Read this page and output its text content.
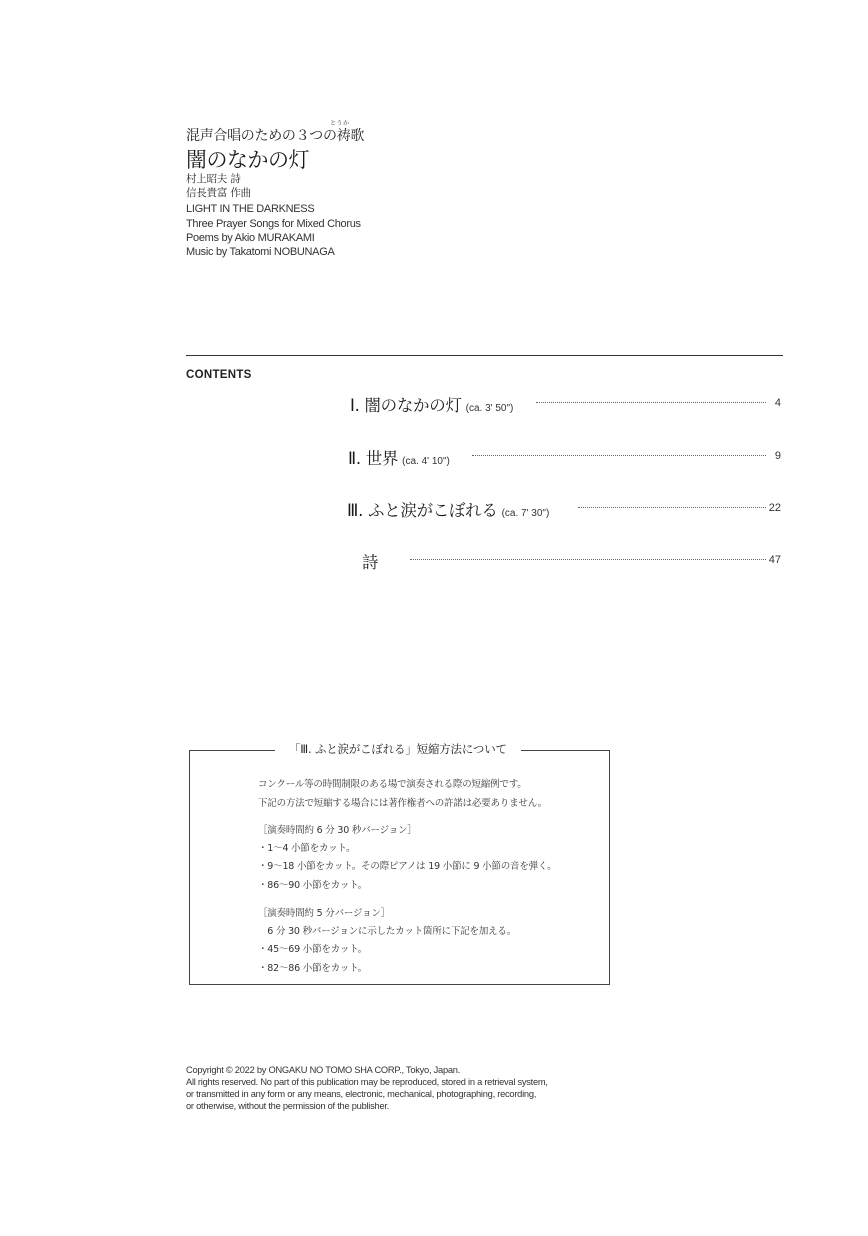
とうか
混声合唱のための３つの祷歌
闇のなかの灯
村上昭夫 詩
信長貴富 作曲
LIGHT IN THE DARKNESS
Three Prayer Songs for Mixed Chorus
Poems by Akio MURAKAMI
Music by Takatomi NOBUNAGA
CONTENTS
Ⅰ. 闇のなかの灯 (ca. 3' 50")	4
Ⅱ. 世界 (ca. 4' 10")	9
Ⅲ. ふと涙がこぼれる (ca. 7' 30")	22
詩	47
「Ⅲ. ふと涙がこぼれる」短縮方法について
コンクール等の時間制限のある場で演奏される際の短縮例です。
下記の方法で短縮する場合には著作権者への許諾は必要ありません。
［演奏時間約 6 分 30 秒バージョン］
・1〜4 小節をカット。
・9〜18 小節をカット。その際ピアノは 19 小節に 9 小節の音を弾く。
・86〜90 小節をカット。
［演奏時間約 5 分バージョン］
　6 分 30 秒バージョンに示したカット箇所に下記を加える。
・45〜69 小節をカット。
・82〜86 小節をカット。
Copyright © 2022 by ONGAKU NO TOMO SHA CORP., Tokyo, Japan.
All rights reserved. No part of this publication may be reproduced, stored in a retrieval system,
or transmitted in any form or any means, electronic, mechanical, photographing, recording,
or otherwise, without the permission of the publisher.
